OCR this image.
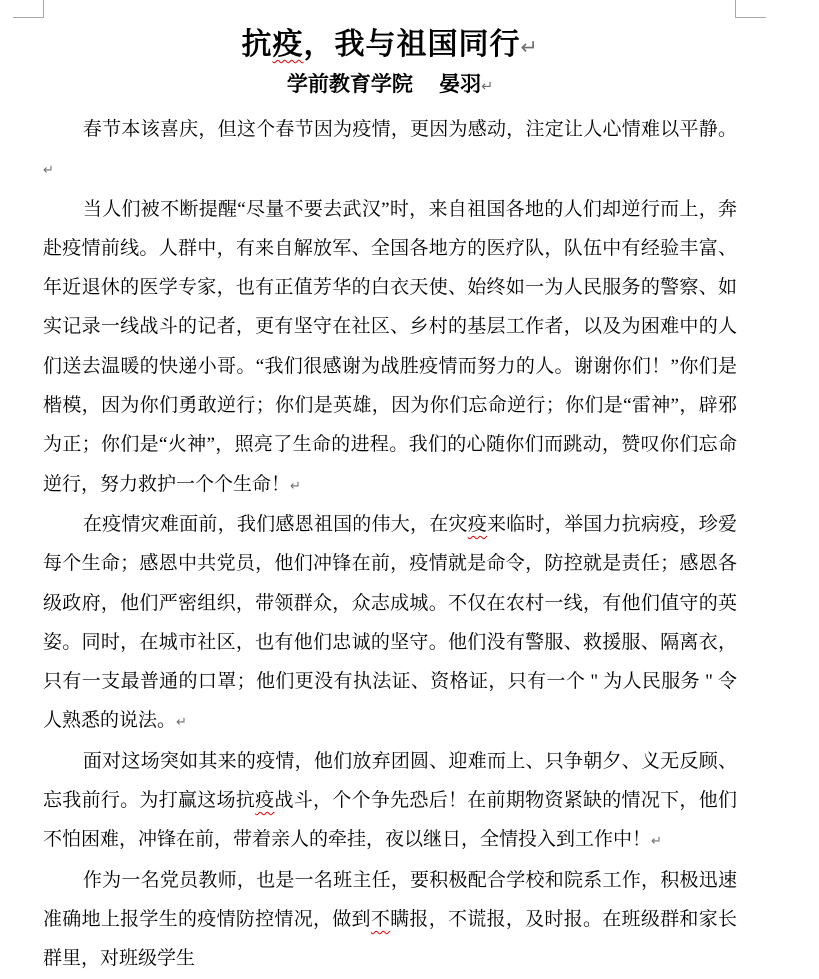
抗疫，我与祖国同行↵
学前教育学院　 晏羽↵

春节本该喜庆，但这个春节因为疫情，更因为感动，注定让人心情难以平静。↵

当人们被不断提醒“尽量不要去武汉”时，来自祖国各地的人们却逆行而上，奔赴疫情前线。人群中，有来自解放军、全国各地方的医疗队，队伍中有经验丰富、年近退休的医学专家，也有正值芳华的白衣天使、始终如一为人民服务的警察、如实记录一线战斗的记者，更有坚守在社区、乡村的基层工作者，以及为困难中的人们送去温暖的快递小哥。“我们很感谢为战胜疫情而努力的人。谢谢你们！”你们是楷模，因为你们勇敢逆行；你们是英雄，因为你们忘命逆行；你们是“雷神”，辟邪为正；你们是“火神”，照亮了生命的进程。我们的心随你们而跳动，赞叹你们忘命逆行，努力救护一个个生命！↵

在疫情灾难面前，我们感恩祖国的伟大，在灾疫来临时，举国力抗病疫，珍爱每个生命；感恩中共党员，他们冲锋在前，疫情就是命令，防控就是责任；感恩各级政府，他们严密组织，带领群众，众志成城。不仅在农村一线，有他们值守的英姿。同时，在城市社区，也有他们忠诚的坚守。他们没有警服、救援服、隔离衣，只有一支最普通的口罩；他们更没有执法证、资格证，只有一个 " 为人民服务 " 令人熟悉的说法。↵

面对这场突如其来的疫情，他们放弃团圆、迎难而上、只争朝夕、义无反顾、忘我前行。为打赢这场抗疫战斗，个个争先恐后！在前期物资紧缺的情况下，他们不怕困难，冲锋在前，带着亲人的牵挂，夜以继日，全情投入到工作中！↵

作为一名党员教师，也是一名班主任，要积极配合学校和院系工作，积极迅速准确地上报学生的疫情防控情况，做到不瞒报，不谎报，及时报。在班级群和家长群里，对班级学生
